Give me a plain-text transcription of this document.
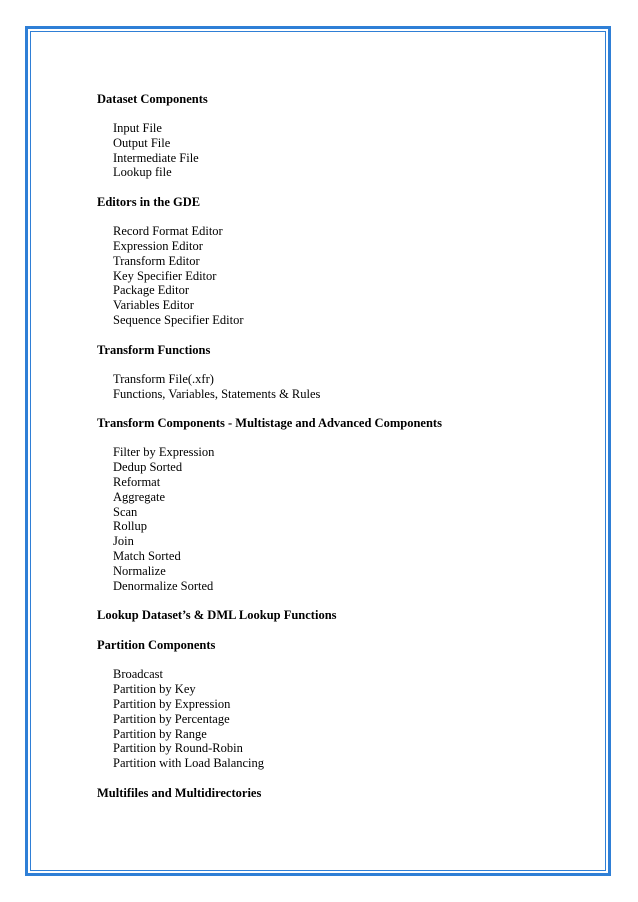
Dataset Components

Input File
Output File
Intermediate File
Lookup file

Editors in the GDE

Record Format Editor
Expression Editor
Transform Editor
Key Specifier Editor
Package Editor
Variables Editor
Sequence Specifier Editor

Transform Functions

Transform File(.xfr)
Functions, Variables, Statements & Rules

Transform Components - Multistage and Advanced Components

Filter by Expression
Dedup Sorted
Reformat
Aggregate
Scan
Rollup
Join
Match Sorted
Normalize
Denormalize Sorted

Lookup Dataset’s & DML Lookup Functions

Partition Components

Broadcast
Partition by Key
Partition by Expression
Partition by Percentage
Partition by Range
Partition by Round-Robin
Partition with Load Balancing

Multifiles and Multidirectories
